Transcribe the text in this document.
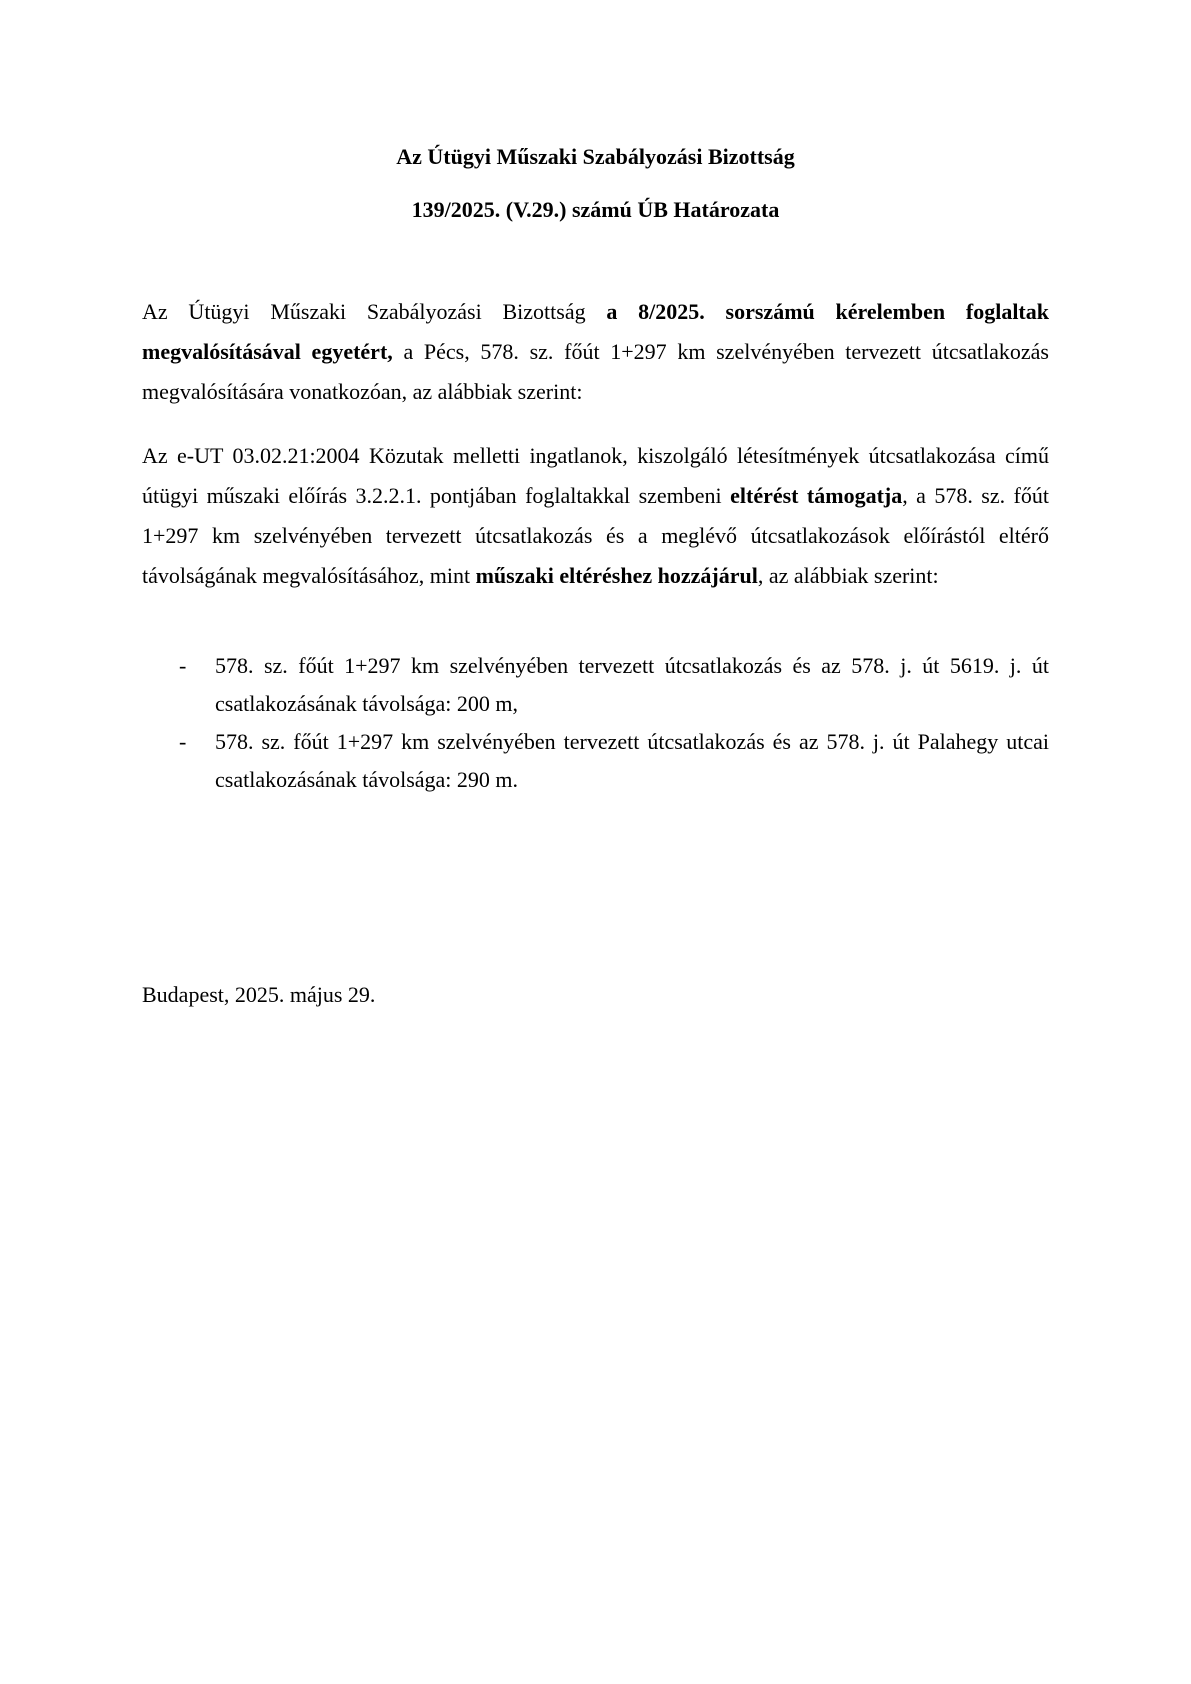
Az Útügyi Műszaki Szabályozási Bizottság
139/2025. (V.29.) számú ÚB Határozata

Az Útügyi Műszaki Szabályozási Bizottság a 8/2025. sorszámú kérelemben foglaltak megvalósításával egyetért, a Pécs, 578. sz. főút 1+297 km szelvényében tervezett útcsatlakozás megvalósítására vonatkozóan, az alábbiak szerint:

Az e-UT 03.02.21:2004 Közutak melletti ingatlanok, kiszolgáló létesítmények útcsatlakozása című útügyi műszaki előírás 3.2.2.1. pontjában foglaltakkal szembeni eltérést támogatja, a 578. sz. főút 1+297 km szelvényében tervezett útcsatlakozás és a meglévő útcsatlakozások előírástól eltérő távolságának megvalósításához, mint műszaki eltéréshez hozzájárul, az alábbiak szerint:

- 578. sz. főút 1+297 km szelvényében tervezett útcsatlakozás és az 578. j. út 5619. j. út csatlakozásának távolsága: 200 m,
- 578. sz. főút 1+297 km szelvényében tervezett útcsatlakozás és az 578. j. út Palahegy utcai csatlakozásának távolsága: 290 m.
Budapest, 2025. május 29.
